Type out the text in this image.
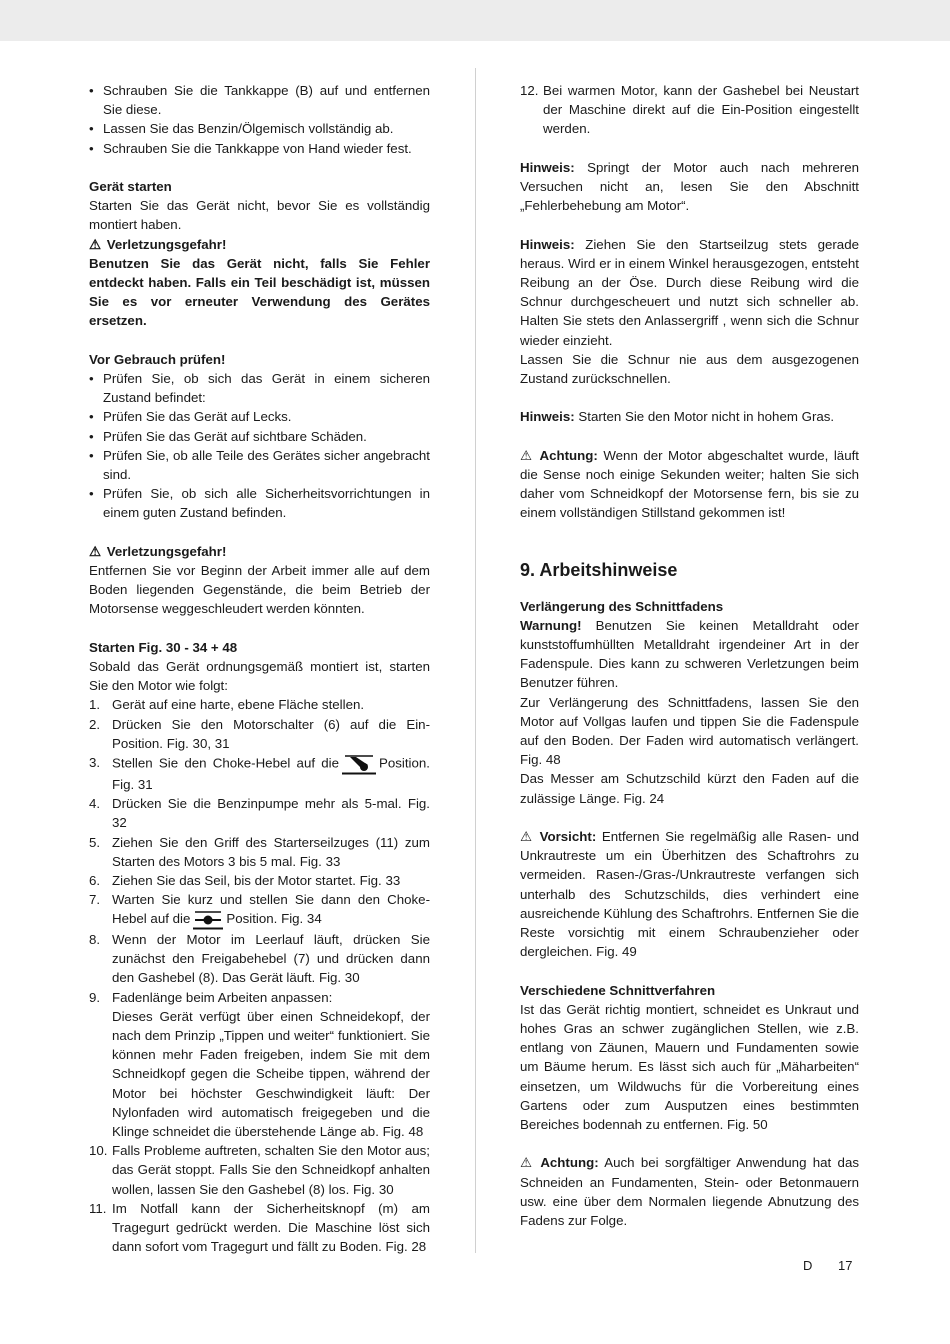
• Schrauben Sie die Tankkappe (B) auf und entfernen Sie diese.
• Lassen Sie das Benzin/Ölgemisch vollständig ab.
• Schrauben Sie die Tankkappe von Hand wieder fest.

Gerät starten

Starten Sie das Gerät nicht, bevor Sie es vollständig montiert haben.

⚠ Verletzungsgefahr!

Benutzen Sie das Gerät nicht, falls Sie Fehler entdeckt haben. Falls ein Teil beschädigt ist, müssen Sie es vor erneuter Verwendung des Gerätes ersetzen.

Vor Gebrauch prüfen!

• Prüfen Sie, ob sich das Gerät in einem sicheren Zustand befindet:
• Prüfen Sie das Gerät auf Lecks.
• Prüfen Sie das Gerät auf sichtbare Schäden.
• Prüfen Sie, ob alle Teile des Gerätes sicher angebracht sind.
• Prüfen Sie, ob sich alle Sicherheitsvorrichtungen in einem guten Zustand befinden.

⚠ Verletzungsgefahr!

Entfernen Sie vor Beginn der Arbeit immer alle auf dem Boden liegenden Gegenstände, die beim Betrieb der Motorsense weggeschleudert werden könnten.

Starten Fig. 30 - 34 + 48

Sobald das Gerät ordnungsgemäß montiert ist, starten Sie den Motor wie folgt:

1. Gerät auf eine harte, ebene Fläche stellen.
2. Drücken Sie den Motorschalter (6) auf die Ein-Position. Fig. 30, 31
3. Stellen Sie den Choke-Hebel auf die	Position. Fig. 31
4. Drücken Sie die Benzinpumpe mehr als 5-mal. Fig. 32
5. Ziehen Sie den Griff des Starterseilzuges (11) zum Starten des Motors 3 bis 5 mal. Fig. 33
6. Ziehen Sie das Seil, bis der Motor startet. Fig. 33
7. Warten Sie kurz und stellen Sie dann den Choke-Hebel auf die	Position. Fig. 34
8. Wenn der Motor im Leerlauf läuft, drücken Sie zunächst den Freigabehebel (7) und drücken dann den Gashebel (8). Das Gerät läuft. Fig. 30
9. Fadenlänge beim Arbeiten anpassen:
Dieses Gerät verfügt über einen Schneidekopf, der nach dem Prinzip „Tippen und weiter“ funktioniert. Sie können mehr Faden freigeben, indem Sie mit dem Schneidkopf gegen die Scheibe tippen, während der Motor bei höchster Geschwindigkeit läuft: Der Nylonfaden wird automatisch freigegeben und die Klinge schneidet die überstehende Länge ab. Fig. 48
10. Falls Probleme auftreten, schalten Sie den Motor aus; das Gerät stoppt. Falls Sie den Schneidkopf anhalten wollen, lassen Sie den Gashebel (8) los. Fig. 30
11. Im Notfall kann der Sicherheitsknopf (m) am Tragegurt gedrückt werden. Die Maschine löst sich dann sofort vom Tragegurt und fällt zu Boden. Fig. 28
12. Bei warmen Motor, kann der Gashebel bei Neustart der Maschine direkt auf die Ein-Position eingestellt werden.

Hinweis: Springt der Motor auch nach mehreren Versuchen nicht an, lesen Sie den Abschnitt „Fehlerbehebung am Motor“.

Hinweis: Ziehen Sie den Startseilzug stets gerade heraus. Wird er in einem Winkel herausgezogen, entsteht Reibung an der Öse. Durch diese Reibung wird die Schnur durchgescheuert und nutzt sich schneller ab. Halten Sie stets den Anlassergriff , wenn sich die Schnur wieder einzieht.

Lassen Sie die Schnur nie aus dem ausgezogenen Zustand zurückschnellen.

Hinweis: Starten Sie den Motor nicht in hohem Gras.

⚠ Achtung: Wenn der Motor abgeschaltet wurde, läuft die Sense noch einige Sekunden weiter; halten Sie sich daher vom Schneidkopf der Motorsense fern, bis sie zu einem vollständigen Stillstand gekommen ist!

9. Arbeitshinweise

Verlängerung des Schnittfadens

Warnung! Benutzen Sie keinen Metalldraht oder kunststoffumhüllten Metalldraht irgendeiner Art in der Fadenspule. Dies kann zu schweren Verletzungen beim Benutzer führen.

Zur Verlängerung des Schnittfadens, lassen Sie den Motor auf Vollgas laufen und tippen Sie die Fadenspule auf den Boden. Der Faden wird automatisch verlängert. Fig. 48

Das Messer am Schutzschild kürzt den Faden auf die zulässige Länge. Fig. 24

⚠ Vorsicht: Entfernen Sie regelmäßig alle Rasen- und Unkrautreste um ein Überhitzen des Schaftrohrs zu vermeiden. Rasen-/Gras-/Unkrautreste verfangen sich unterhalb des Schutzschilds, dies verhindert eine ausreichende Kühlung des Schaftrohrs. Entfernen Sie die Reste vorsichtig mit einem Schraubenzieher oder dergleichen. Fig. 49

Verschiedene Schnittverfahren

Ist das Gerät richtig montiert, schneidet es Unkraut und hohes Gras an schwer zugänglichen Stellen, wie z.B. entlang von Zäunen, Mauern und Fundamenten sowie um Bäume herum. Es lässt sich auch für „Mäharbeiten“ einsetzen, um Wildwuchs für die Vorbereitung eines Gartens oder zum Ausputzen eines bestimmten Bereiches bodennah zu entfernen. Fig. 50

⚠ Achtung: Auch bei sorgfältiger Anwendung hat das Schneiden an Fundamenten, Stein- oder Betonmauern usw. eine über dem Normalen liegende Abnutzung des Fadens zur Folge.

D 17
